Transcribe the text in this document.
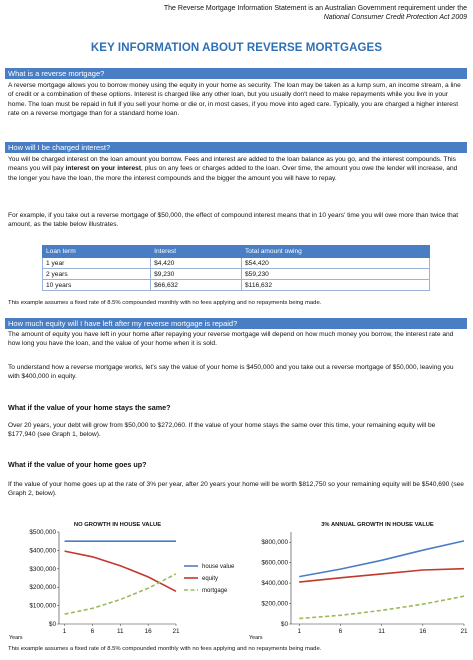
The Reverse Mortgage Information Statement is an Australian Government requirement under the National Consumer Credit Protection Act 2009
KEY INFORMATION ABOUT REVERSE MORTGAGES
What is a reverse mortgage?
A reverse mortgage allows you to borrow money using the equity in your home as security. The loan may be taken as a lump sum, an income stream, a line of credit or a combination of these options. Interest is charged like any other loan, but you usually don't need to make repayments while you live in your home. The loan must be repaid in full if you sell your home or die or, in most cases, if you move into aged care. Typically, you are charged a higher interest rate on a reverse mortgage than for a standard home loan.
How will I be charged interest?
You will be charged interest on the loan amount you borrow. Fees and interest are added to the loan balance as you go, and the interest compounds. This means you will pay interest on your interest, plus on any fees or charges added to the loan. Over time, the amount you owe the lender will increase, and the longer you have the loan, the more the interest compounds and the bigger the amount you will have to repay.
For example, if you take out a reverse mortgage of $50,000, the effect of compound interest means that in 10 years' time you will owe more than twice that amount, as the table below illustrates.
Loan term	Interest	Total amount owing
1 year	$4,420	$54,420
2 years	$9,230	$59,230
10 years	$66,632	$116,632
This example assumes a fixed rate of 8.5% compounded monthly with no fees applying and no repayments being made.
How much equity will I have left after my reverse mortgage is repaid?
The amount of equity you have left in your home after repaying your reverse mortgage will depend on how much money you borrow, the interest rate and how long you have the loan, and the value of your home when it is sold.
To understand how a reverse mortgage works, let's say the value of your home is $450,000 and you take out a reverse mortgage of $50,000, leaving you with $400,000 in equity.
What if the value of your home stays the same?
Over 20 years, your debt will grow from $50,000 to $272,060. If the value of your home stays the same over this time, your remaining equity will be $177,940 (see Graph 1, below).
What if the value of your home goes up?
If the value of your home goes up at the rate of 3% per year, after 20 years your home will be worth $812,750 so your remaining equity will be $540,690 (see Graph 2, below).
NO GROWTH IN HOUSE VALUE
$0
$100,000
$200,000
$300,000
$400,000
$500,000
1	6	11	16	21
Years
house value
equity
mortgage
3% ANNUAL GROWTH IN HOUSE VALUE
$0
$200,000
$400,000
$600,000
$800,000
1	6	11	16	21
Years
This example assumes a fixed rate of 8.5% compounded monthly with no fees applying and no repayments being made.
